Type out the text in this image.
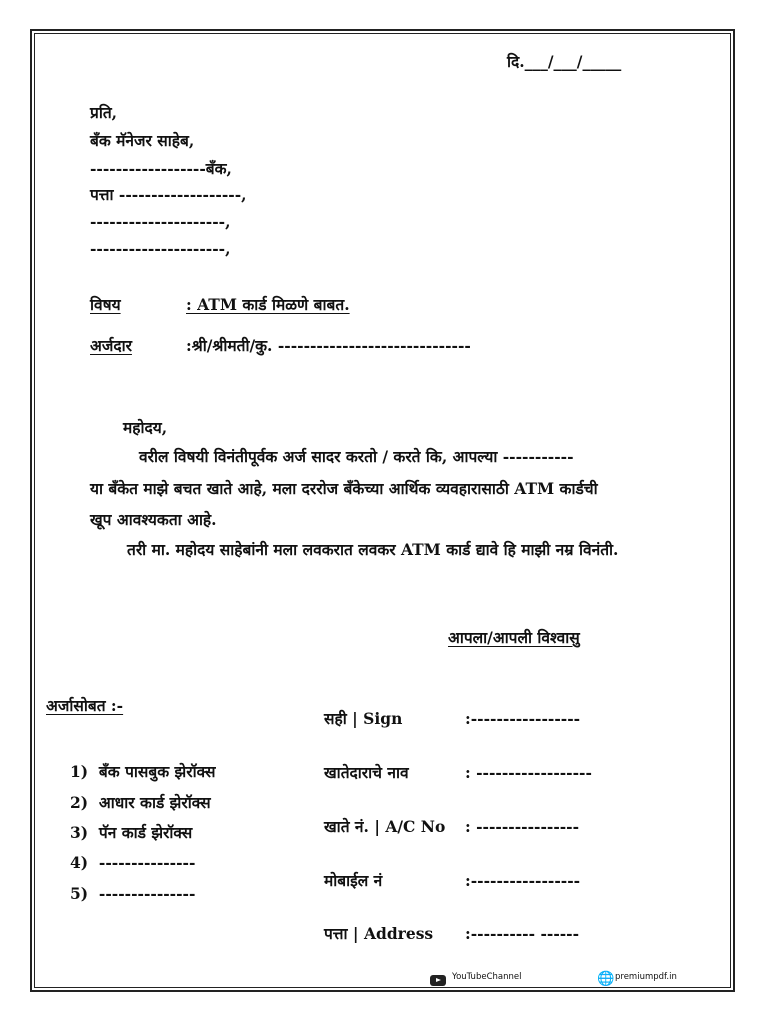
दि.___/___/_____
प्रति,
बँक मॅनेजर साहेब,
------------------बँक,
पत्ता -------------------,
---------------------,
---------------------,
विषय	: ATM कार्ड मिळणे बाबत.
अर्जदार	:श्री/श्रीमती/कु. ------------------------------
महोदय,
वरील विषयी विनंतीपूर्वक अर्ज सादर करतो / करते कि, आपल्या -----------
या बँकेत माझे बचत खाते आहे, मला दररोज बँकेच्या आर्थिक व्यवहारासाठी ATM कार्डची
खूप आवश्यकता आहे.
तरी मा. महोदय साहेबांनी मला लवकरात लवकर ATM कार्ड द्यावे हि माझी नम्र विनंती.
आपला/आपली विश्वासु
अर्जासोबत :-
1) बँक पासबुक झेरॉक्स
2) आधार कार्ड झेरॉक्स
3) पॅन कार्ड झेरॉक्स
4) ---------------
5) ---------------
सही | Sign	:-----------------
खातेदाराचे नाव	: ------------------
खाते नं. | A/C No : ----------------
मोबाईल नं	:-----------------
पत्ता | Address :---------- ------
YouTubeChannel	🌐 premiumpdf.in
